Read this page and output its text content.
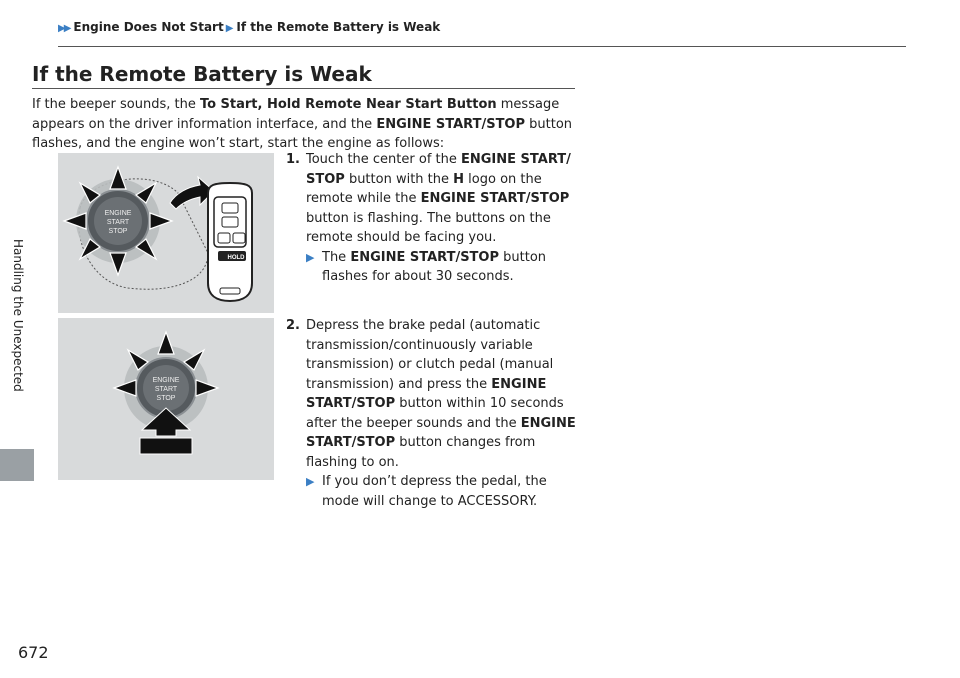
▶▶ Engine Does Not Start ▶ If the Remote Battery is Weak
Handling the Unexpected
If the Remote Battery is Weak
If the beeper sounds, the To Start, Hold Remote Near Start Button message appears on the driver information interface, and the ENGINE START/STOP button flashes, and the engine won’t start, start the engine as follows:
ENGINE
START
STOP
HOLD
1. Touch the center of the ENGINE START/ STOP button with the H logo on the remote while the ENGINE START/STOP button is flashing. The buttons on the remote should be facing you.
▶ The ENGINE START/STOP button flashes for about 30 seconds.
ENGINE
START
STOP
2. Depress the brake pedal (automatic transmission/continuously variable transmission) or clutch pedal (manual transmission) and press the ENGINE START/STOP button within 10 seconds after the beeper sounds and the ENGINE START/STOP button changes from flashing to on.
▶ If you don’t depress the pedal, the mode will change to ACCESSORY.
672
